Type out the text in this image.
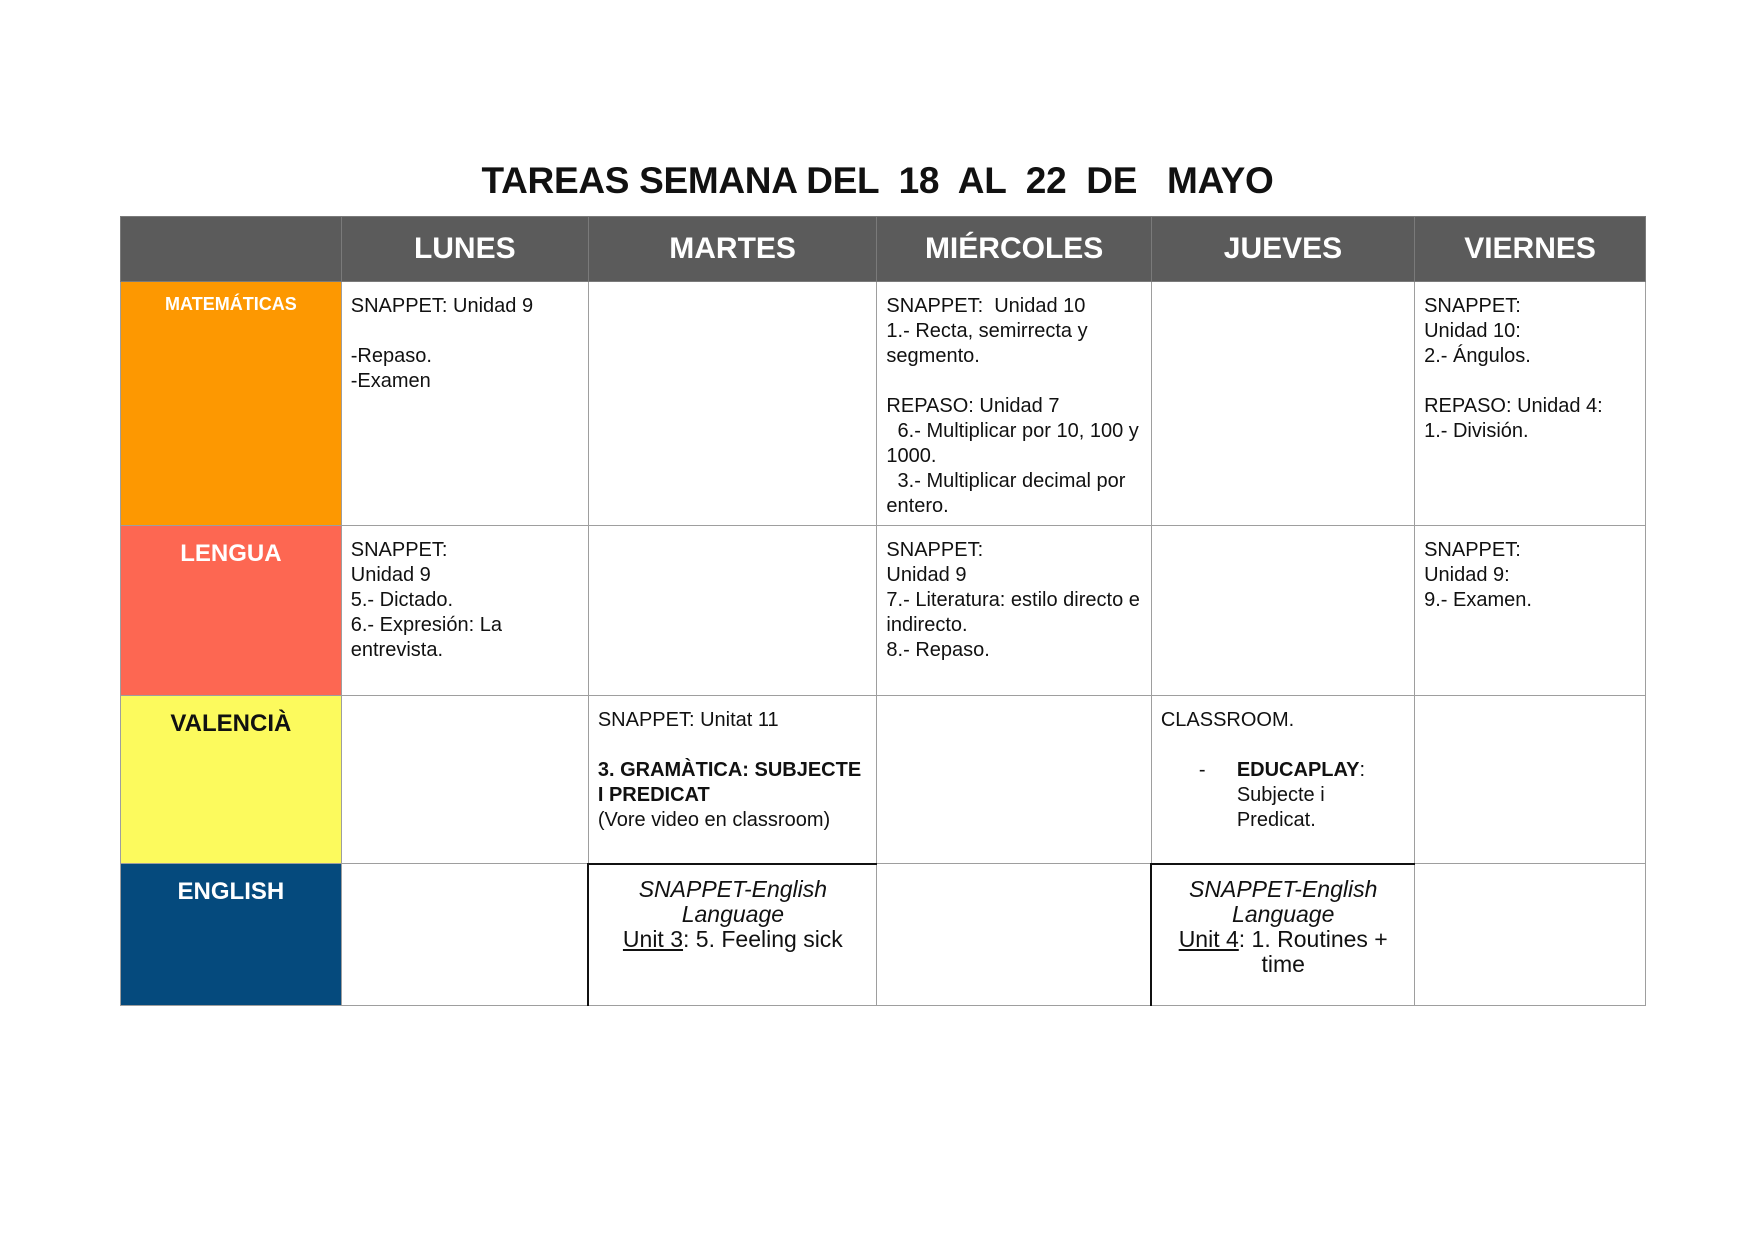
TAREAS SEMANA DEL  18  AL  22  DE   MAYO
	LUNES	MARTES	MIÉRCOLES	JUEVES	VIERNES
MATEMÁTICAS	SNAPPET: Unidad 9
-Repaso.
-Examen		SNAPPET:  Unidad 10
1.- Recta, semirrecta y segmento.
REPASO: Unidad 7
6.- Multiplicar por 10, 100 y 1000.
3.- Multiplicar decimal por entero.		SNAPPET:
Unidad 10:
2.- Ángulos.
REPASO: Unidad 4:
1.- División.

LENGUA	SNAPPET:
Unidad 9
5.- Dictado.
6.- Expresión: La entrevista.		SNAPPET:
Unidad 9
7.- Literatura: estilo directo e indirecto.
8.- Repaso.		SNAPPET:
Unidad 9:
9.- Examen.

VALENCIÀ		SNAPPET: Unitat 11
3. GRAMÀTICA: SUBJECTE I PREDICAT
(Vore video en classroom)		CLASSROOM.
- EDUCAPLAY: Subjecte i Predicat.	

ENGLISH		SNAPPET-English Language
Unit 3: 5. Feeling sick		SNAPPET-English Language
Unit 4: 1. Routines + time	
